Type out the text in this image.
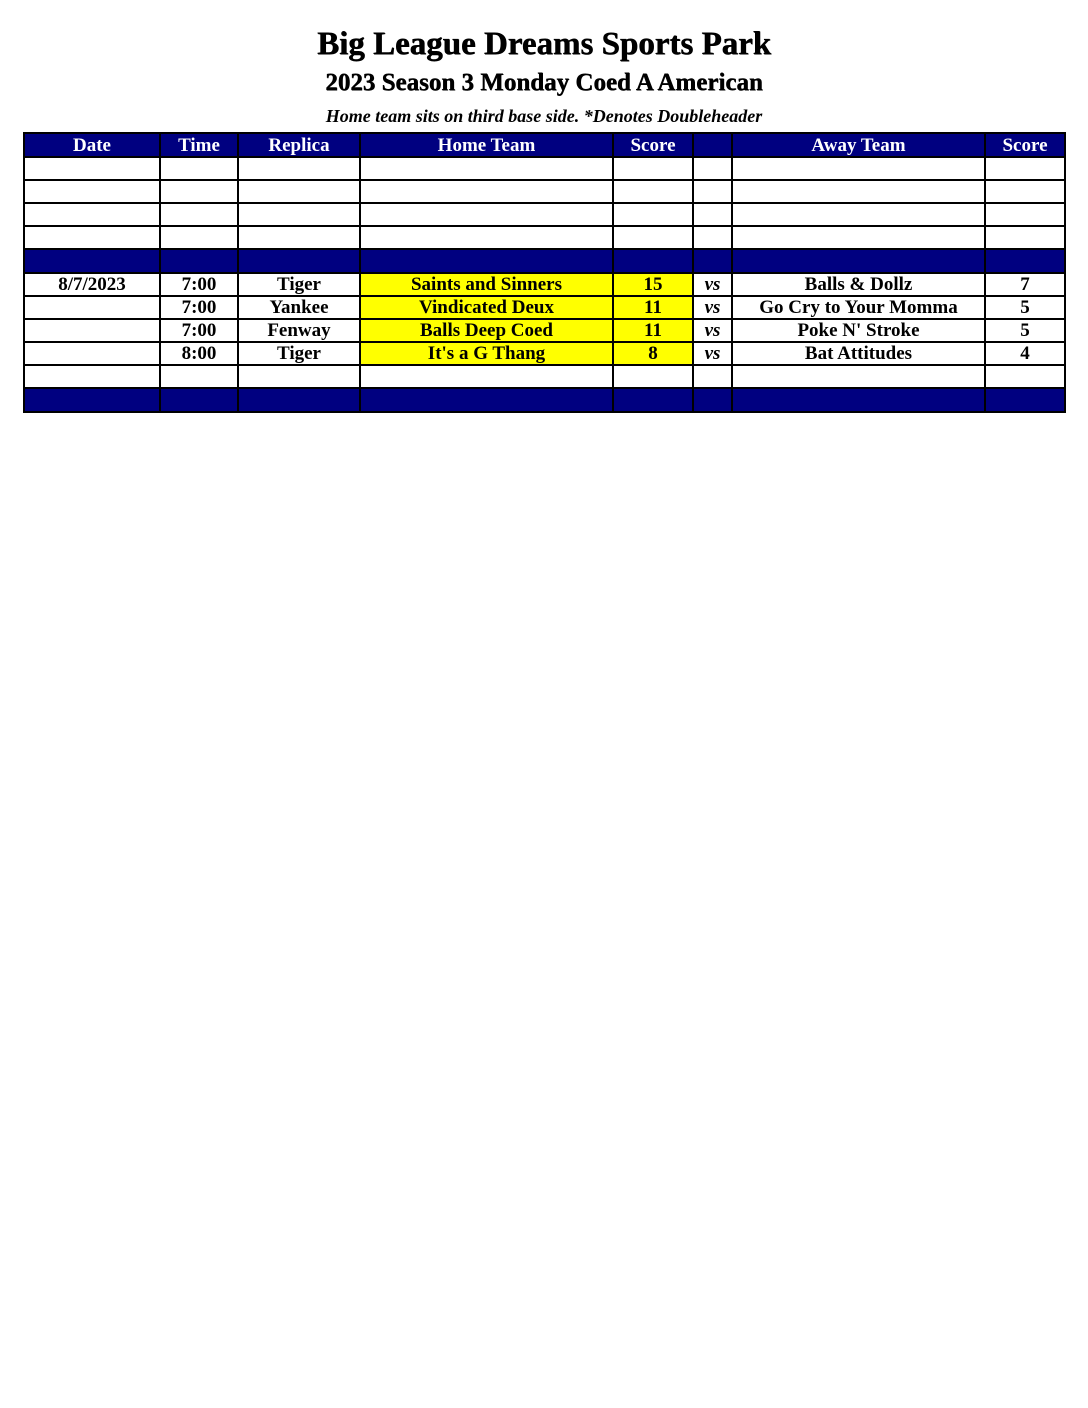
Big League Dreams Sports Park
2023 Season 3 Monday Coed A American
Home team sits on third base side. *Denotes Doubleheader
Date	Time	Replica	Home Team	Score		Away Team	Score

8/7/2023	7:00	Tiger	Saints and Sinners	15	vs	Balls & Dollz	7
	7:00	Yankee	Vindicated Deux	11	vs	Go Cry to Your Momma	5
	7:00	Fenway	Balls Deep Coed	11	vs	Poke N' Stroke	5
	8:00	Tiger	It's a G Thang	8	vs	Bat Attitudes	4
